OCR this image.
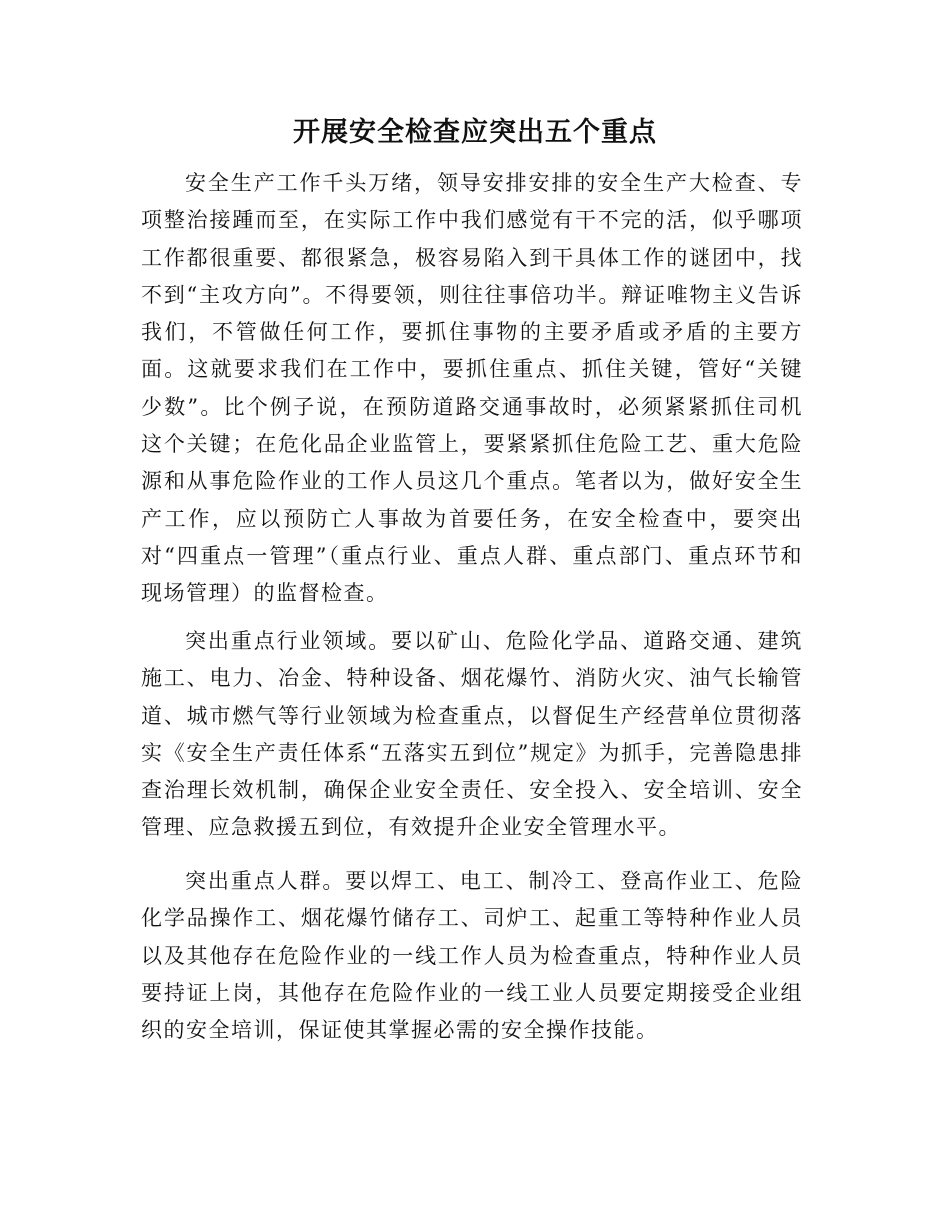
开展安全检查应突出五个重点

安全生产工作千头万绪，领导安排安排的安全生产大检查、专项整治接踵而至，在实际工作中我们感觉有干不完的活，似乎哪项工作都很重要、都很紧急，极容易陷入到干具体工作的谜团中，找不到“主攻方向”。不得要领，则往往事倍功半。辩证唯物主义告诉我们，不管做任何工作，要抓住事物的主要矛盾或矛盾的主要方面。这就要求我们在工作中，要抓住重点、抓住关键，管好“关键少数”。比个例子说，在预防道路交通事故时，必须紧紧抓住司机这个关键；在危化品企业监管上，要紧紧抓住危险工艺、重大危险源和从事危险作业的工作人员这几个重点。笔者以为，做好安全生产工作，应以预防亡人事故为首要任务，在安全检查中，要突出对“四重点一管理”（重点行业、重点人群、重点部门、重点环节和现场管理）的监督检查。

突出重点行业领域。要以矿山、危险化学品、道路交通、建筑施工、电力、冶金、特种设备、烟花爆竹、消防火灾、油气长输管道、城市燃气等行业领域为检查重点，以督促生产经营单位贯彻落实《安全生产责任体系“五落实五到位”规定》为抓手，完善隐患排查治理长效机制，确保企业安全责任、安全投入、安全培训、安全管理、应急救援五到位，有效提升企业安全管理水平。

突出重点人群。要以焊工、电工、制冷工、登高作业工、危险化学品操作工、烟花爆竹储存工、司炉工、起重工等特种作业人员以及其他存在危险作业的一线工作人员为检查重点，特种作业人员要持证上岗，其他存在危险作业的一线工业人员要定期接受企业组织的安全培训，保证使其掌握必需的安全操作技能。
